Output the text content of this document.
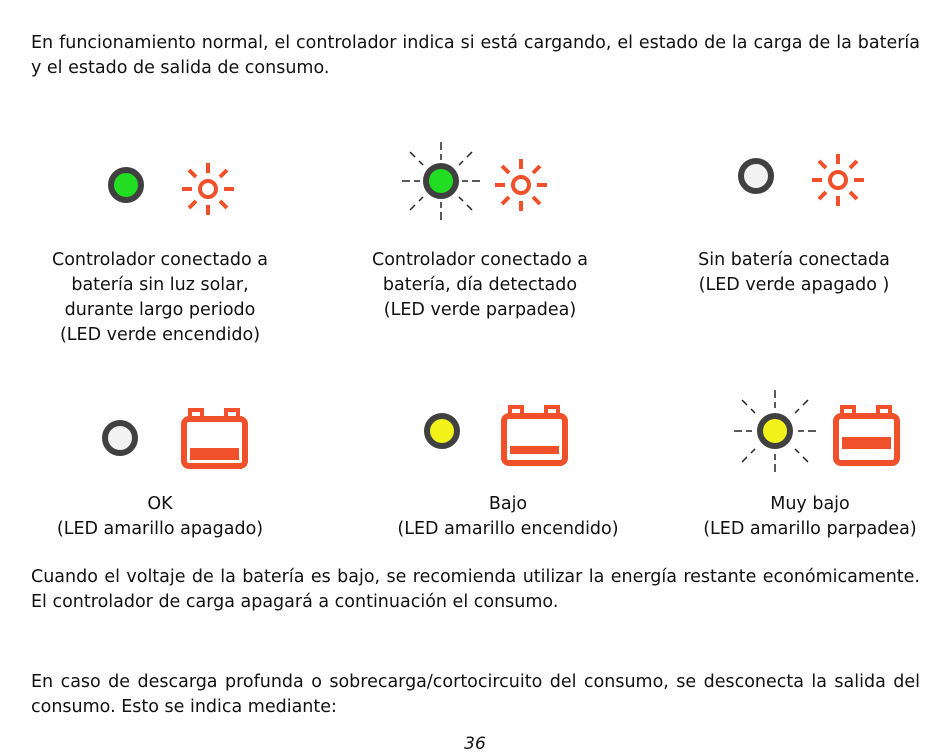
En funcionamiento normal, el controlador indica si está cargando, el estado de la carga de la batería y el estado de salida de consumo.

Controlador conectado a
batería sin luz solar,
durante largo periodo
(LED verde encendido)
Controlador conectado a
batería, día detectado
(LED verde parpadea)
Sin batería conectada
(LED verde apagado )
OK
(LED amarillo apagado)
Bajo
(LED amarillo encendido)
Muy bajo
(LED amarillo parpadea)

Cuando el voltaje de la batería es bajo, se recomienda utilizar la energía restante económicamente. El controlador de carga apagará a continuación el consumo.

En caso de descarga profunda o sobrecarga/cortocircuito del consumo, se desconecta la salida del consumo. Esto se indica mediante:

36
